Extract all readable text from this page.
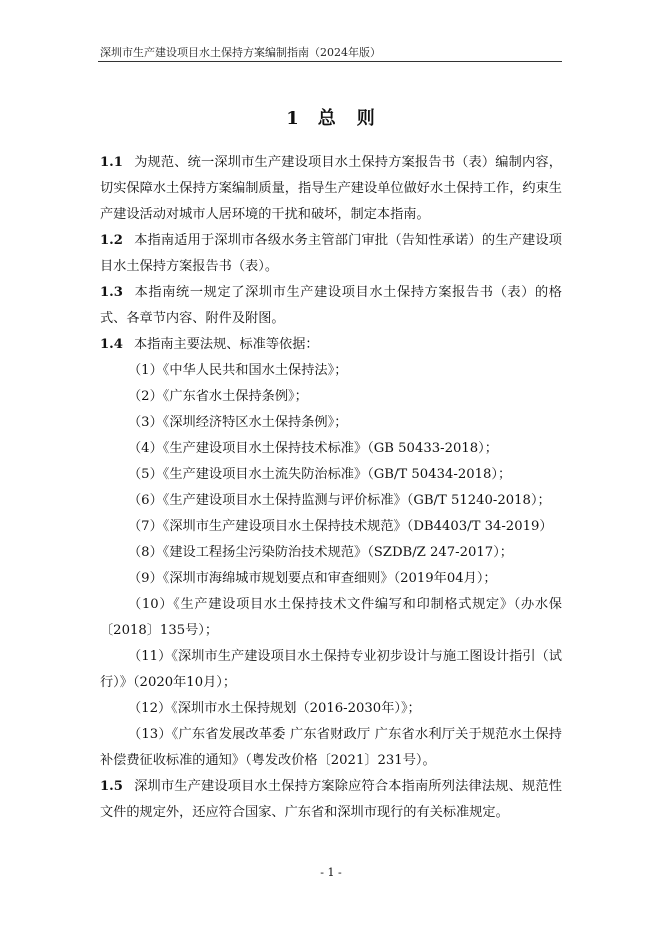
深圳市生产建设项目水土保持方案编制指南（2024年版）
1 总 则

1.1 为规范、统一深圳市生产建设项目水土保持方案报告书（表）编制内容，切实保障水土保持方案编制质量，指导生产建设单位做好水土保持工作，约束生产建设活动对城市人居环境的干扰和破坏，制定本指南。

1.2 本指南适用于深圳市各级水务主管部门审批（告知性承诺）的生产建设项目水土保持方案报告书（表）。

1.3 本指南统一规定了深圳市生产建设项目水土保持方案报告书（表）的格式、各章节内容、附件及附图。

1.4 本指南主要法规、标准等依据：

（1）《中华人民共和国水土保持法》；

（2）《广东省水土保持条例》；

（3）《深圳经济特区水土保持条例》；

（4）《生产建设项目水土保持技术标准》（GB 50433-2018）；

（5）《生产建设项目水土流失防治标准》（GB/T 50434-2018）；

（6）《生产建设项目水土保持监测与评价标准》（GB/T 51240-2018）；

（7）《深圳市生产建设项目水土保持技术规范》（DB4403/T 34-2019）

（8）《建设工程扬尘污染防治技术规范》（SZDB/Z 247-2017）；

（9）《深圳市海绵城市规划要点和审查细则》（2019年04月）；

（10）《生产建设项目水土保持技术文件编写和印制格式规定》（办水保〔2018〕135号）；

（11）《深圳市生产建设项目水土保持专业初步设计与施工图设计指引（试行）》（2020年10月）；

（12）《深圳市水土保持规划（2016-2030年）》；

（13）《广东省发展改革委 广东省财政厅 广东省水利厅关于规范水土保持补偿费征收标准的通知》（粤发改价格〔2021〕231号）。

1.5 深圳市生产建设项目水土保持方案除应符合本指南所列法律法规、规范性文件的规定外，还应符合国家、广东省和深圳市现行的有关标准规定。

- 1 -
